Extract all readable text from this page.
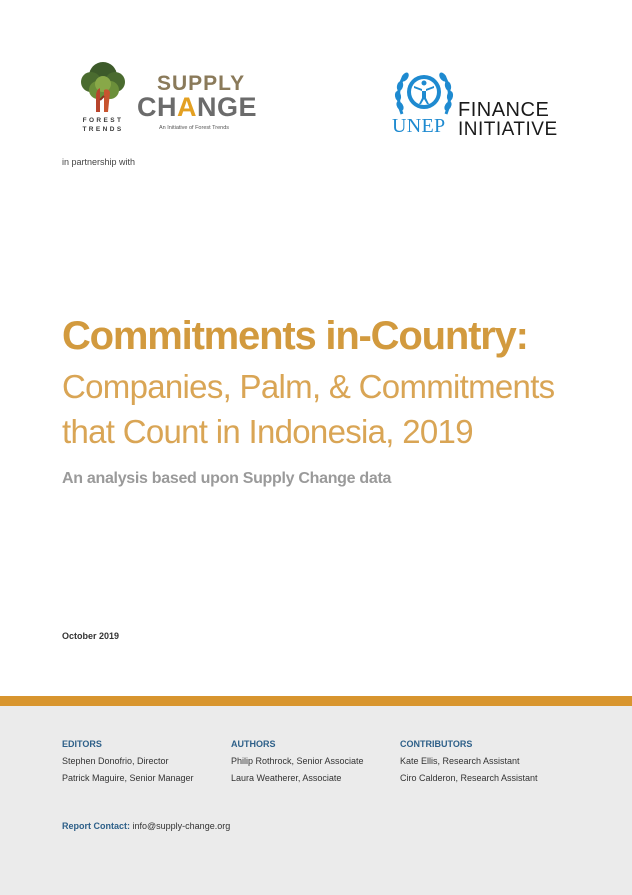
FOREST
TRENDS
SUPPLY
CHANGE
An Initiative of Forest Trends	UNEP
FINANCE
INITIATIVE
in partnership with
Commitments in-Country:
Companies, Palm, & Commitments
that Count in Indonesia, 2019
An analysis based upon Supply Change data
October 2019
EDITORS
Stephen Donofrio, Director
Patrick Maguire, Senior Manager
AUTHORS
Philip Rothrock, Senior Associate
Laura Weatherer, Associate
CONTRIBUTORS
Kate Ellis, Research Assistant
Ciro Calderon, Research Assistant
Report Contact: info@supply-change.org
